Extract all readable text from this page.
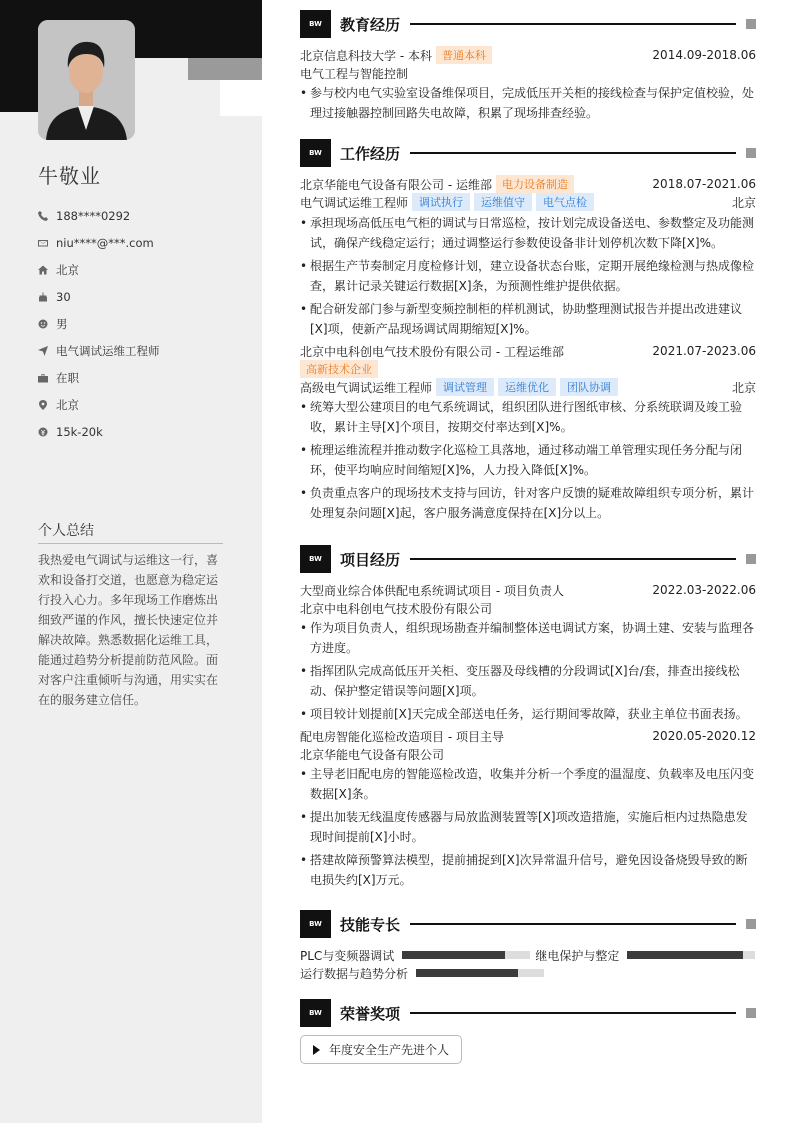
牛敬业
188****0292
niu****@***.com
北京
30
男
电气调试运维工程师
在职
北京
15k-20k
个人总结
我热爱电气调试与运维这一行，喜欢和设备打交道，也愿意为稳定运行投入心力。多年现场工作磨炼出细致严谨的作风，擅长快速定位并解决故障。熟悉数据化运维工具，能通过趋势分析提前防范风险。面对客户注重倾听与沟通，用实实在在的服务建立信任。
BW	教育经历
北京信息科技大学 - 本科 普通本科	2014.09-2018.06
电气工程与智能控制
• 参与校内电气实验室设备维保项目，完成低压开关柜的接线检查与保护定值校验，处理过接触器控制回路失电故障，积累了现场排查经验。
BW	工作经历
北京华能电气设备有限公司 - 运维部 电力设备制造	2018.07-2021.06
电气调试运维工程师	调试执行	运维值守	电气点检	北京
• 承担现场高低压电气柜的调试与日常巡检，按计划完成设备送电、参数整定及功能测试，确保产线稳定运行；通过调整运行参数使设备非计划停机次数下降[X]%。
• 根据生产节奏制定月度检修计划，建立设备状态台账，定期开展绝缘检测与热成像检查，累计记录关键运行数据[X]条，为预测性维护提供依据。
• 配合研发部门参与新型变频控制柜的样机测试，协助整理测试报告并提出改进建议[X]项，使新产品现场调试周期缩短[X]%。
北京中电科创电气技术股份有限公司 - 工程运维部	2021.07-2023.06
高新技术企业
高级电气调试运维工程师	调试管理	运维优化	团队协调	北京
• 统筹大型公建项目的电气系统调试，组织团队进行图纸审核、分系统联调及竣工验收，累计主导[X]个项目，按期交付率达到[X]%。
• 梳理运维流程并推动数字化巡检工具落地，通过移动端工单管理实现任务分配与闭环，使平均响应时间缩短[X]%，人力投入降低[X]%。
• 负责重点客户的现场技术支持与回访，针对客户反馈的疑难故障组织专项分析，累计处理复杂问题[X]起，客户服务满意度保持在[X]分以上。
BW	项目经历
大型商业综合体供配电系统调试项目 - 项目负责人	2022.03-2022.06
北京中电科创电气技术股份有限公司
• 作为项目负责人，组织现场勘查并编制整体送电调试方案，协调土建、安装与监理各方进度。
• 指挥团队完成高低压开关柜、变压器及母线槽的分段调试[X]台/套，排查出接线松动、保护整定错误等问题[X]项。
• 项目较计划提前[X]天完成全部送电任务，运行期间零故障，获业主单位书面表扬。
配电房智能化巡检改造项目 - 项目主导	2020.05-2020.12
北京华能电气设备有限公司
• 主导老旧配电房的智能巡检改造，收集并分析一个季度的温湿度、负载率及电压闪变数据[X]条。
• 提出加装无线温度传感器与局放监测装置等[X]项改造措施，实施后柜内过热隐患发现时间提前[X]小时。
• 搭建故障预警算法模型，提前捕捉到[X]次异常温升信号，避免因设备烧毁导致的断电损失约[X]万元。
BW	技能专长
PLC与变频器调试	继电保护与整定
运行数据与趋势分析
BW	荣誉奖项
年度安全生产先进个人
